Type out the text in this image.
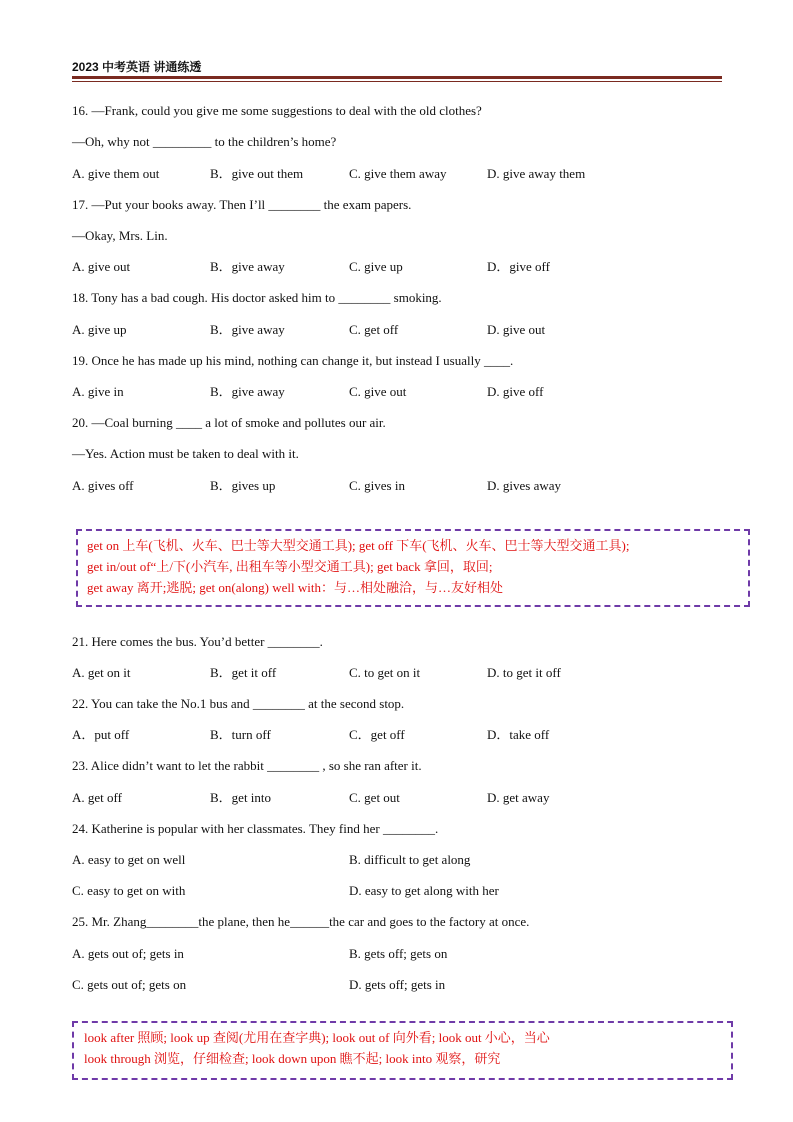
2023 中考英语 讲通练透
16. —Frank, could you give me some suggestions to deal with the old clothes?
—Oh, why not _________ to the children’s home?
A. give them out	B．give out them	C. give them away	D. give away them
17. —Put your books away. Then I’ll ________ the exam papers.
—Okay, Mrs. Lin.
A. give out	B．give away	C. give up	D．give off
18. Tony has a bad cough. His doctor asked him to ________ smoking.
A. give up	B．give away	C. get off	D. give out
19. Once he has made up his mind, nothing can change it, but instead I usually ____.
A. give in	B．give away	C. give out	D. give off
20. —Coal burning ____ a lot of smoke and pollutes our air.
—Yes. Action must be taken to deal with it.
A. gives off	B．gives up	C. gives in	D. gives away
get on 上车(飞机、火车、巴士等大型交通工具); get off 下车(飞机、火车、巴士等大型交通工具);
get in/out of“上/下(小汽车, 出租车等小型交通工具); get back 拿回，取回;
get away 离开;逃脱; get on(along) well with：与…相处融洽，与…友好相处
21. Here comes the bus. You’d better ________.
A. get on it	B．get it off	C. to get on it	D. to get it off
22. You can take the No.1 bus and ________ at the second stop.
A．put off	B．turn off	C．get off	D．take off
23. Alice didn’t want to let the rabbit ________ , so she ran after it.
A. get off	B．get into	C. get out	D. get away
24. Katherine is popular with her classmates. They find her ________.
A. easy to get on well	B. difficult to get along
C. easy to get on with	D. easy to get along with her
25. Mr. Zhang________the plane, then he______the car and goes to the factory at once.
A. gets out of; gets in	B. gets off; gets on
C. gets out of; gets on	D. gets off; gets in
look after 照顾; look up 查阅(尤用在查字典); look out of 向外看; look out 小心，当心
look through 浏览，仔细检查; look down upon 瞧不起; look into 观察，研究
